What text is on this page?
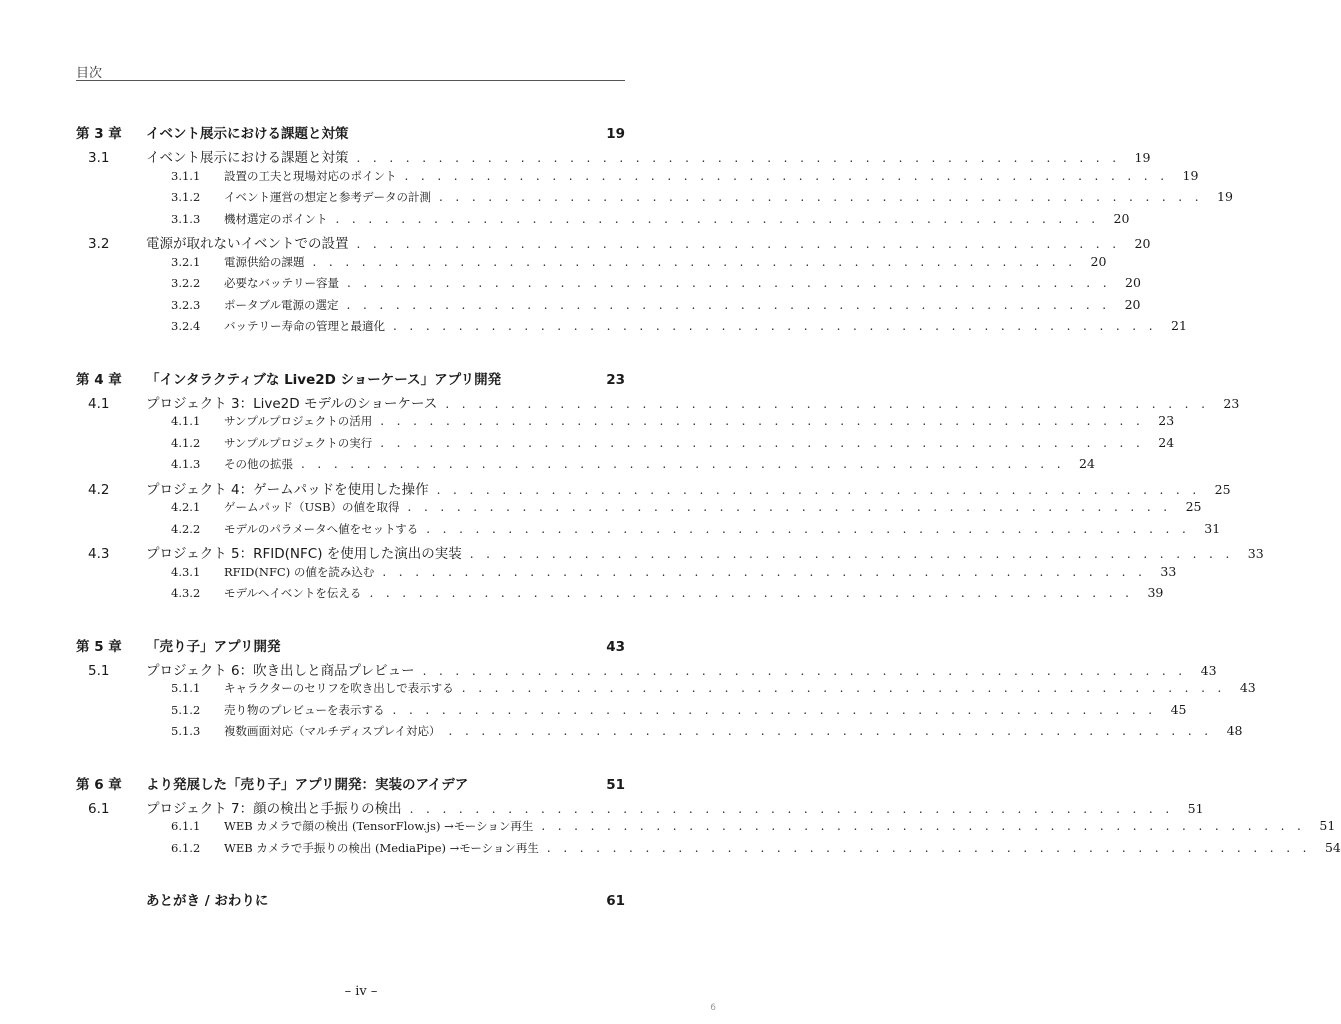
目次
第 3 章	イベント展示における課題と対策	19
3.1	イベント展示における課題と対策 . . . . . . . . . . . . . . . . . . . . . . . . . . . . . . . . . . . . . . . . . . . . . . .	19
3.1.1	設置の工夫と現場対応のポイント . . . . . . . . . . . . . . . . . . . . . . . . . . . . . . . . . . . . . . . . . . . . . . .	19
3.1.2	イベント運営の想定と参考データの計測 . . . . . . . . . . . . . . . . . . . . . . . . . . . . . . . . . . . . . . . . . . . . . . .	19
3.1.3	機材選定のポイント . . . . . . . . . . . . . . . . . . . . . . . . . . . . . . . . . . . . . . . . . . . . . . .	20
3.2	電源が取れないイベントでの設置 . . . . . . . . . . . . . . . . . . . . . . . . . . . . . . . . . . . . . . . . . . . . . . .	20
3.2.1	電源供給の課題 . . . . . . . . . . . . . . . . . . . . . . . . . . . . . . . . . . . . . . . . . . . . . . .	20
3.2.2	必要なバッテリー容量 . . . . . . . . . . . . . . . . . . . . . . . . . . . . . . . . . . . . . . . . . . . . . . .	20
3.2.3	ポータブル電源の選定 . . . . . . . . . . . . . . . . . . . . . . . . . . . . . . . . . . . . . . . . . . . . . . .	20
3.2.4	バッテリー寿命の管理と最適化 . . . . . . . . . . . . . . . . . . . . . . . . . . . . . . . . . . . . . . . . . . . . . . .	21
第 4 章	「インタラクティブな Live2D ショーケース」アプリ開発	23
4.1	プロジェクト 3：Live2D モデルのショーケース . . . . . . . . . . . . . . . . . . . . . . . . . . . . . . . . . . . . . . . . . . . . . . .	23
4.1.1	サンプルプロジェクトの活用 . . . . . . . . . . . . . . . . . . . . . . . . . . . . . . . . . . . . . . . . . . . . . . .	23
4.1.2	サンプルプロジェクトの実行 . . . . . . . . . . . . . . . . . . . . . . . . . . . . . . . . . . . . . . . . . . . . . . .	24
4.1.3	その他の拡張 . . . . . . . . . . . . . . . . . . . . . . . . . . . . . . . . . . . . . . . . . . . . . . .	24
4.2	プロジェクト 4：ゲームパッドを使用した操作 . . . . . . . . . . . . . . . . . . . . . . . . . . . . . . . . . . . . . . . . . . . . . . .	25
4.2.1	ゲームパッド（USB）の値を取得 . . . . . . . . . . . . . . . . . . . . . . . . . . . . . . . . . . . . . . . . . . . . . . .	25
4.2.2	モデルのパラメータへ値をセットする . . . . . . . . . . . . . . . . . . . . . . . . . . . . . . . . . . . . . . . . . . . . . . .	31
4.3	プロジェクト 5：RFID(NFC) を使用した演出の実装 . . . . . . . . . . . . . . . . . . . . . . . . . . . . . . . . . . . . . . . . . . . . . . .	33
4.3.1	RFID(NFC) の値を読み込む . . . . . . . . . . . . . . . . . . . . . . . . . . . . . . . . . . . . . . . . . . . . . . .	33
4.3.2	モデルへイベントを伝える . . . . . . . . . . . . . . . . . . . . . . . . . . . . . . . . . . . . . . . . . . . . . . .	39
第 5 章	「売り子」アプリ開発	43
5.1	プロジェクト 6：吹き出しと商品プレビュー . . . . . . . . . . . . . . . . . . . . . . . . . . . . . . . . . . . . . . . . . . . . . . .	43
5.1.1	キャラクターのセリフを吹き出しで表示する . . . . . . . . . . . . . . . . . . . . . . . . . . . . . . . . . . . . . . . . . . . . . . .	43
5.1.2	売り物のプレビューを表示する . . . . . . . . . . . . . . . . . . . . . . . . . . . . . . . . . . . . . . . . . . . . . . .	45
5.1.3	複数画面対応（マルチディスプレイ対応） . . . . . . . . . . . . . . . . . . . . . . . . . . . . . . . . . . . . . . . . . . . . . . .	48
第 6 章	より発展した「売り子」アプリ開発：実装のアイデア	51
6.1	プロジェクト 7：顔の検出と手振りの検出 . . . . . . . . . . . . . . . . . . . . . . . . . . . . . . . . . . . . . . . . . . . . . . .	51
6.1.1	WEB カメラで顔の検出 (TensorFlow.js) →モーション再生 . . . . . . . . . . . . . . . . . . . . . . . . . . . . . . . . . . . . . . . . . . . . . . .	51
6.1.2	WEB カメラで手振りの検出 (MediaPipe) →モーション再生 . . . . . . . . . . . . . . . . . . . . . . . . . . . . . . . . . . . . . . . . . . . . . . .	54
あとがき / おわりに	61
– iv –
6
